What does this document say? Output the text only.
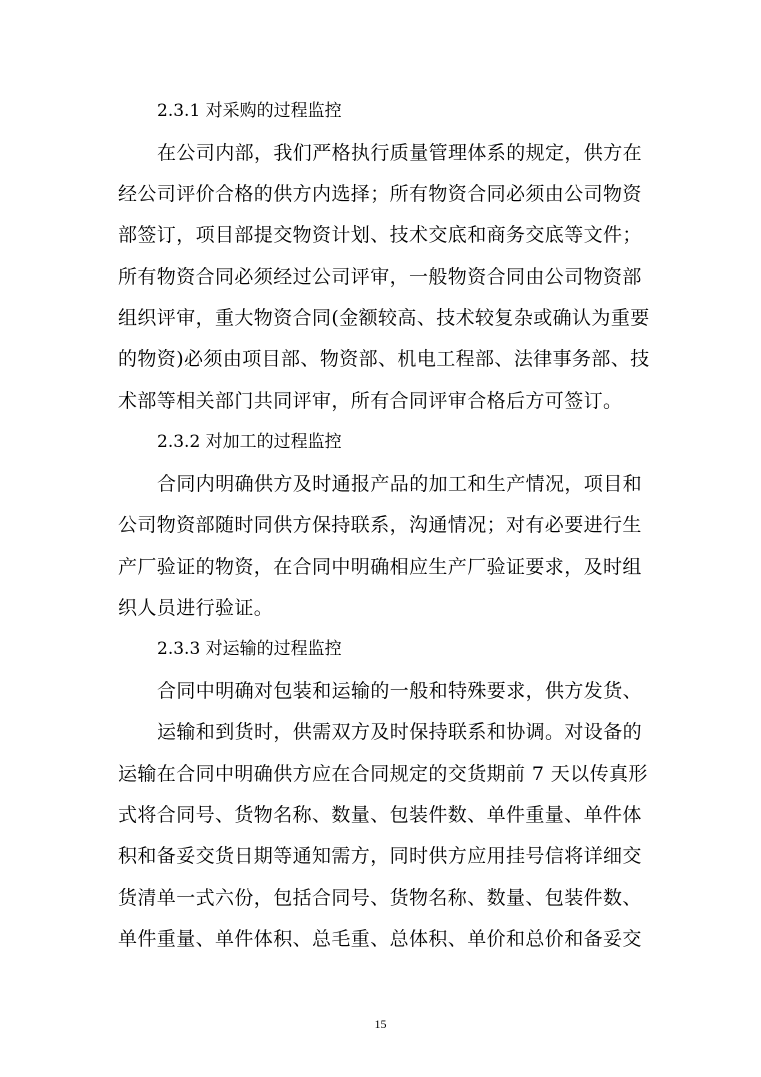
2.3.1 对采购的过程监控
在公司内部，我们严格执行质量管理体系的规定，供方在
经公司评价合格的供方内选择；所有物资合同必须由公司物资
部签订，项目部提交物资计划、技术交底和商务交底等文件；
所有物资合同必须经过公司评审，一般物资合同由公司物资部
组织评审，重大物资合同(金额较高、技术较复杂或确认为重要
的物资)必须由项目部、物资部、机电工程部、法律事务部、技
术部等相关部门共同评审，所有合同评审合格后方可签订。
2.3.2 对加工的过程监控
合同内明确供方及时通报产品的加工和生产情况，项目和
公司物资部随时同供方保持联系，沟通情况；对有必要进行生
产厂验证的物资，在合同中明确相应生产厂验证要求，及时组
织人员进行验证。
2.3.3 对运输的过程监控
合同中明确对包装和运输的一般和特殊要求，供方发货、
运输和到货时，供需双方及时保持联系和协调。对设备的
运输在合同中明确供方应在合同规定的交货期前 7 天以传真形
式将合同号、货物名称、数量、包装件数、单件重量、单件体
积和备妥交货日期等通知需方，同时供方应用挂号信将详细交
货清单一式六份，包括合同号、货物名称、数量、包装件数、
单件重量、单件体积、总毛重、总体积、单价和总价和备妥交
15
